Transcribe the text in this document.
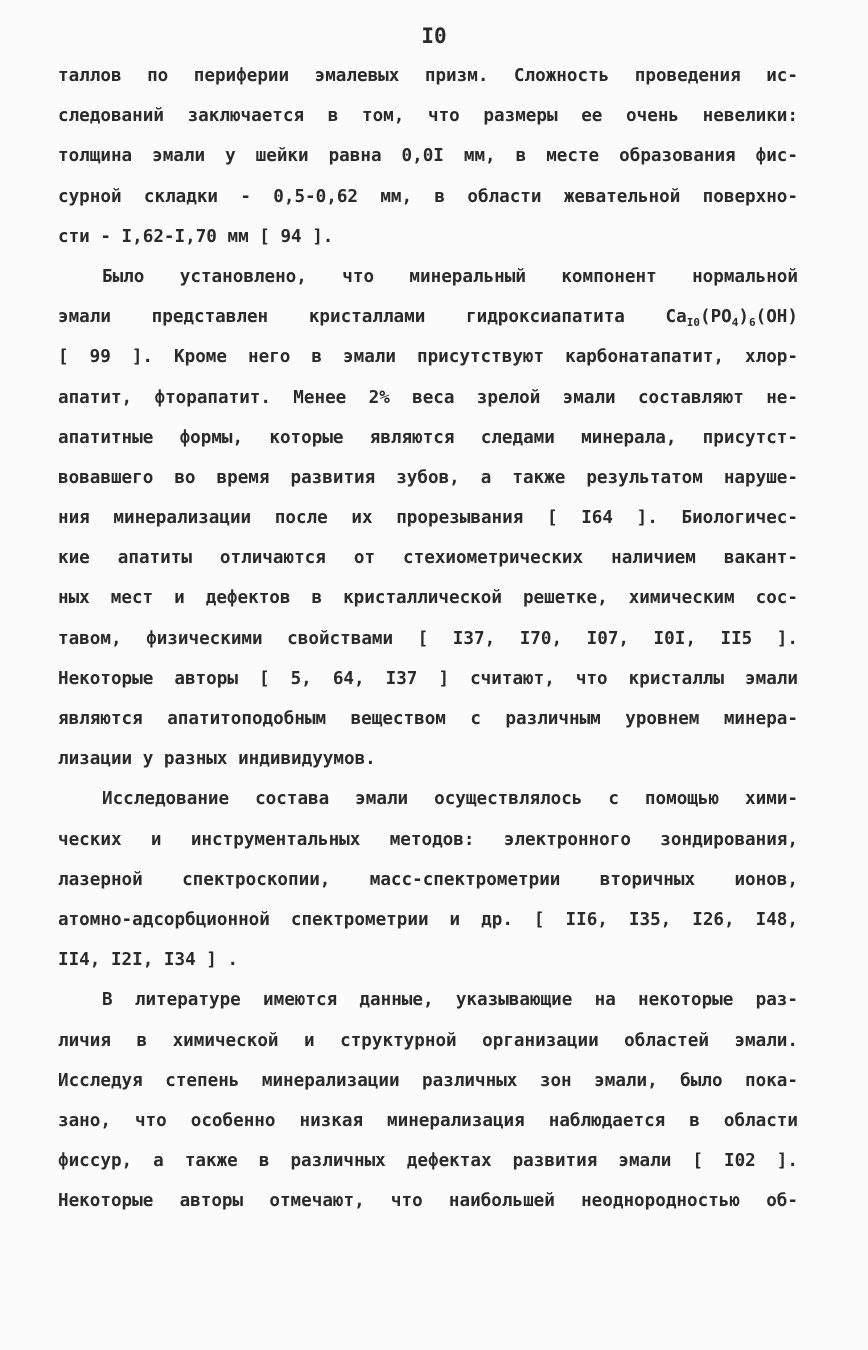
I0
таллов по периферии эмалевых призм. Сложность проведения ис-
следований заключается в том, что размеры ее очень невелики:
толщина эмали у шейки равна 0,0I мм, в месте образования фис-
сурной складки - 0,5-0,62 мм, в области жевательной поверхно-
сти - I,62-I,70 мм [ 94 ].
Было установлено, что минеральный компонент нормальной
эмали представлен кристаллами гидроксиапатита $Ca_{I0}(PO_4)_6(OH)$
[ 99 ]. Кроме него в эмали присутствуют карбонатапатит, хлор-
апатит, фторапатит. Менее 2% веса зрелой эмали составляют не-
апатитные формы, которые являются следами минерала, присутст-
вовавшего во время развития зубов, а также результатом наруше-
ния минерализации после их прорезывания [ I64 ]. Биологичес-
кие апатиты отличаются от стехиометрических наличием вакант-
ных мест и дефектов в кристаллической решетке, химическим сос-
тавом, физическими свойствами [ I37, I70, I07, I0I, II5 ].
Некоторые авторы [ 5, 64, I37 ] считают, что кристаллы эмали
являются апатитоподобным веществом с различным уровнем минера-
лизации у разных индивидуумов.
Исследование состава эмали осуществлялось с помощью хими-
ческих и инструментальных методов: электронного зондирования,
лазерной спектроскопии, масс-спектрометрии вторичных ионов,
атомно-адсорбционной спектрометрии и др. [ II6, I35, I26, I48,
II4, I2I, I34 ] .
В литературе имеются данные, указывающие на некоторые раз-
личия в химической и структурной организации областей эмали.
Исследуя степень минерализации различных зон эмали, было пока-
зано, что особенно низкая минерализация наблюдается в области
фиссур, а также в различных дефектах развития эмали [ I02 ].
Некоторые авторы отмечают, что наибольшей неоднородностью об-
